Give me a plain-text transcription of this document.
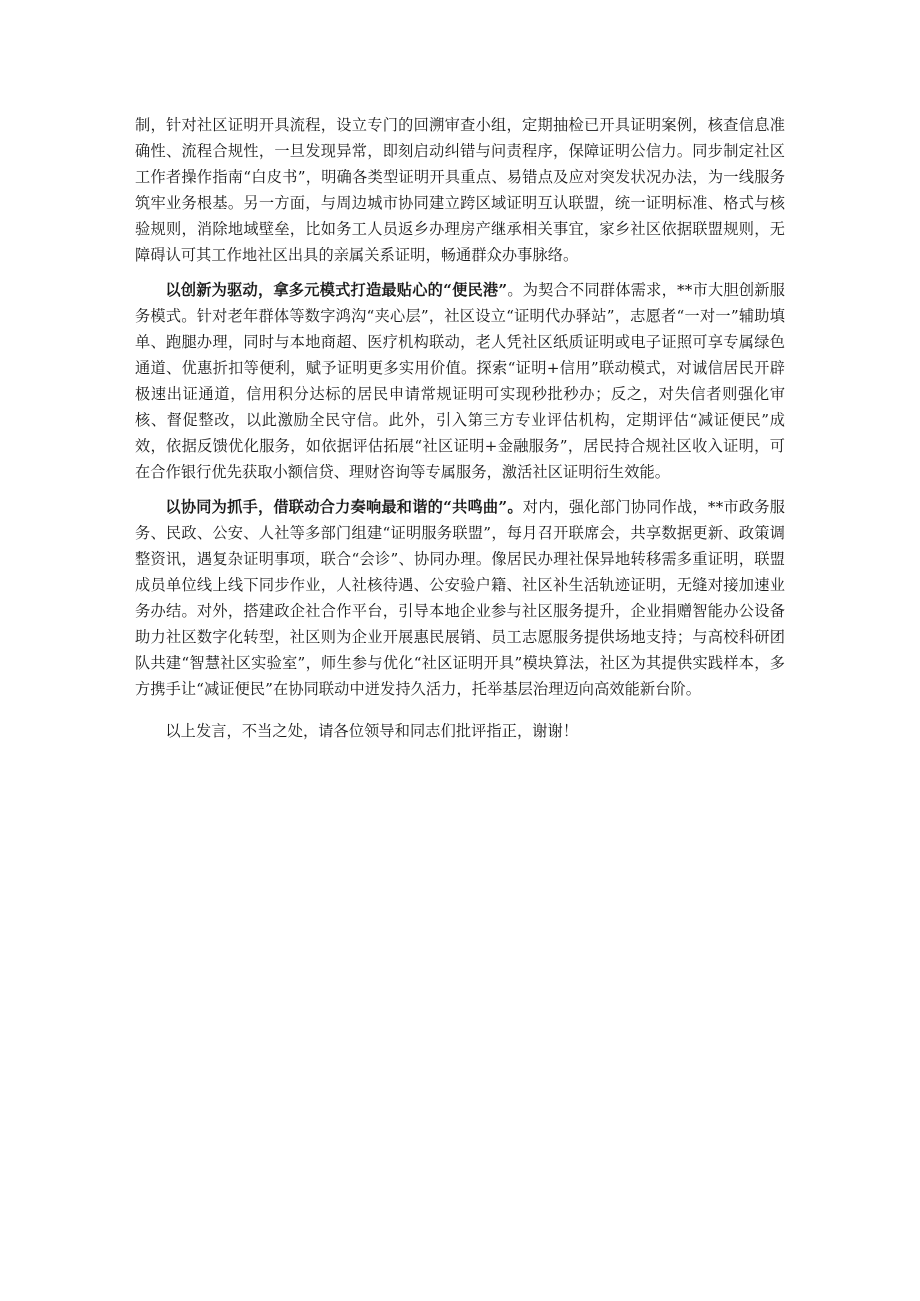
制，针对社区证明开具流程，设立专门的回溯审查小组，定期抽检已开具证明案例，核查信息准确性、流程合规性，一旦发现异常，即刻启动纠错与问责程序，保障证明公信力。同步制定社区工作者操作指南“白皮书”，明确各类型证明开具重点、易错点及应对突发状况办法，为一线服务筑牢业务根基。另一方面，与周边城市协同建立跨区域证明互认联盟，统一证明标准、格式与核验规则，消除地域壁垒，比如务工人员返乡办理房产继承相关事宜，家乡社区依据联盟规则，无障碍认可其工作地社区出具的亲属关系证明，畅通群众办事脉络。

以创新为驱动，拿多元模式打造最贴心的“便民港”。为契合不同群体需求，**市大胆创新服务模式。针对老年群体等数字鸿沟“夹心层”，社区设立“证明代办驿站”，志愿者“一对一”辅助填单、跑腿办理，同时与本地商超、医疗机构联动，老人凭社区纸质证明或电子证照可享专属绿色通道、优惠折扣等便利，赋予证明更多实用价值。探索“证明+信用”联动模式，对诚信居民开辟极速出证通道，信用积分达标的居民申请常规证明可实现秒批秒办；反之，对失信者则强化审核、督促整改，以此激励全民守信。此外，引入第三方专业评估机构，定期评估“减证便民”成效，依据反馈优化服务，如依据评估拓展“社区证明+金融服务”，居民持合规社区收入证明，可在合作银行优先获取小额信贷、理财咨询等专属服务，激活社区证明衍生效能。

以协同为抓手，借联动合力奏响最和谐的“共鸣曲”。对内，强化部门协同作战，**市政务服务、民政、公安、人社等多部门组建“证明服务联盟”，每月召开联席会，共享数据更新、政策调整资讯，遇复杂证明事项，联合“会诊”、协同办理。像居民办理社保异地转移需多重证明，联盟成员单位线上线下同步作业，人社核待遇、公安验户籍、社区补生活轨迹证明，无缝对接加速业务办结。对外，搭建政企社合作平台，引导本地企业参与社区服务提升，企业捐赠智能办公设备助力社区数字化转型，社区则为企业开展惠民展销、员工志愿服务提供场地支持；与高校科研团队共建“智慧社区实验室”，师生参与优化“社区证明开具”模块算法，社区为其提供实践样本，多方携手让“减证便民”在协同联动中迸发持久活力，托举基层治理迈向高效能新台阶。

以上发言，不当之处，请各位领导和同志们批评指正，谢谢！
